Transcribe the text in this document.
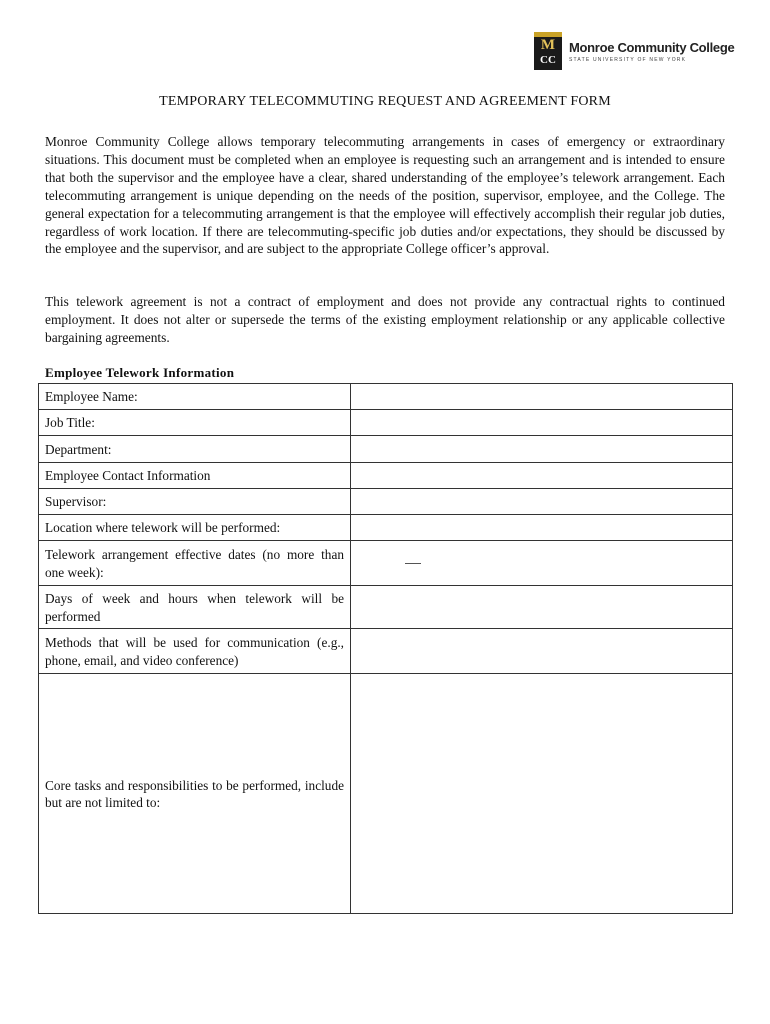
M
CC
Monroe Community College
STATE UNIVERSITY OF NEW YORK
TEMPORARY TELECOMMUTING REQUEST AND AGREEMENT FORM

Monroe Community College allows temporary telecommuting arrangements in cases of emergency or extraordinary situations. This document must be completed when an employee is requesting such an arrangement and is intended to ensure that both the supervisor and the employee have a clear, shared understanding of the employee’s telework arrangement. Each telecommuting arrangement is unique depending on the needs of the position, supervisor, employee, and the College. The general expectation for a telecommuting arrangement is that the employee will effectively accomplish their regular job duties, regardless of work location. If there are telecommuting-specific job duties and/or expectations, they should be discussed by the employee and the supervisor, and are subject to the appropriate College officer’s approval.

This telework agreement is not a contract of employment and does not provide any contractual rights to continued employment. It does not alter or supersede the terms of the existing employment relationship or any applicable collective bargaining agreements.

Employee Telework Information
Employee Name:	
Job Title:	
Department:	
Employee Contact Information	
Supervisor:	
Location where telework will be performed:	
Telework arrangement effective dates (no more than one week):	

Days of week and hours when telework will be performed	
Methods that will be used for communication (e.g., phone, email, and video conference)	
Core tasks and responsibilities to be performed, include but are not limited to:	
